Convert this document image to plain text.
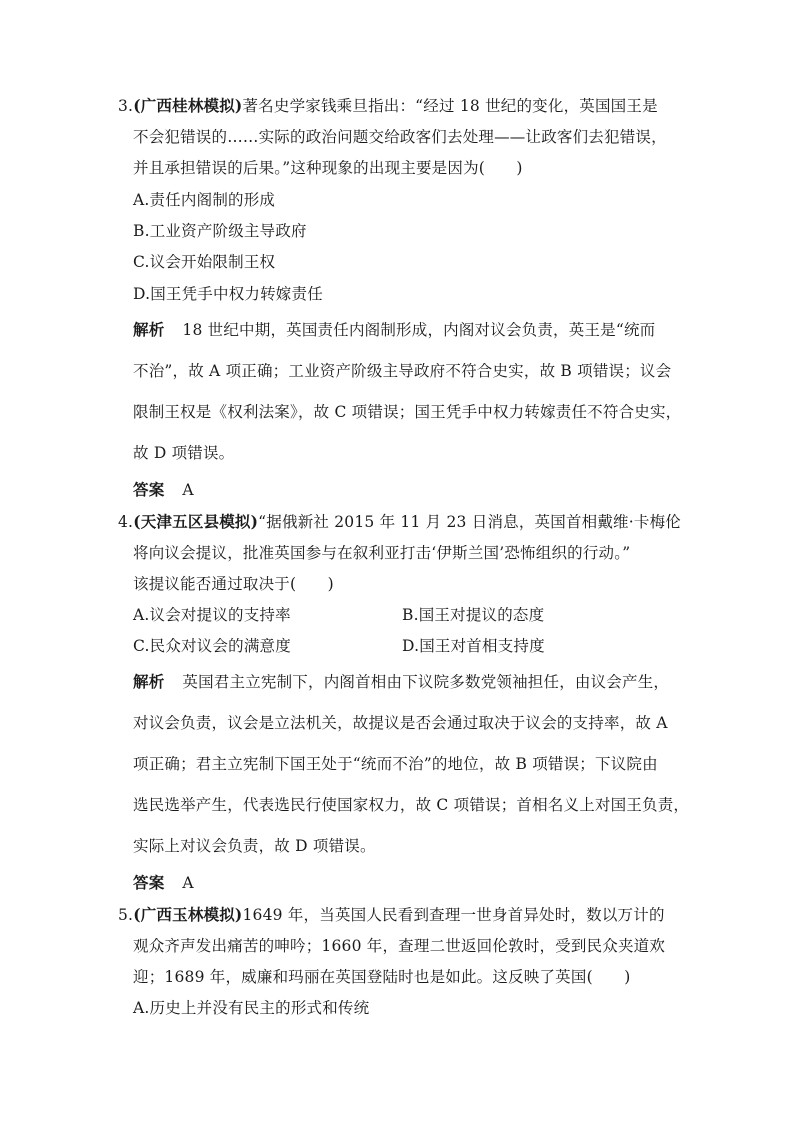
3.(广西桂林模拟)著名史学家钱乘旦指出：“经过 18 世纪的变化，英国国王是
不会犯错误的……实际的政治问题交给政客们去处理——让政客们去犯错误，
并且承担错误的后果。”这种现象的出现主要是因为(　　)
A.责任内阁制的形成
B.工业资产阶级主导政府
C.议会开始限制王权
D.国王凭手中权力转嫁责任
解析 18 世纪中期，英国责任内阁制形成，内阁对议会负责，英王是“统而
不治”，故 A 项正确；工业资产阶级主导政府不符合史实，故 B 项错误；议会
限制王权是《权利法案》，故 C 项错误；国王凭手中权力转嫁责任不符合史实，
故 D 项错误。
答案 A
4.(天津五区县模拟)“据俄新社 2015 年 11 月 23 日消息，英国首相戴维·卡梅伦
将向议会提议，批准英国参与在叙利亚打击‘伊斯兰国’恐怖组织的行动。”
该提议能否通过取决于(　　)
A.议会对提议的支持率	B.国王对提议的态度
C.民众对议会的满意度	D.国王对首相支持度
解析 英国君主立宪制下，内阁首相由下议院多数党领袖担任，由议会产生，
对议会负责，议会是立法机关，故提议是否会通过取决于议会的支持率，故 A
项正确；君主立宪制下国王处于“统而不治”的地位，故 B 项错误；下议院由
选民选举产生，代表选民行使国家权力，故 C 项错误；首相名义上对国王负责，
实际上对议会负责，故 D 项错误。
答案 A
5.(广西玉林模拟)1649 年，当英国人民看到查理一世身首异处时，数以万计的
观众齐声发出痛苦的呻吟；1660 年，查理二世返回伦敦时，受到民众夹道欢
迎；1689 年，威廉和玛丽在英国登陆时也是如此。这反映了英国(　　)
A.历史上并没有民主的形式和传统
